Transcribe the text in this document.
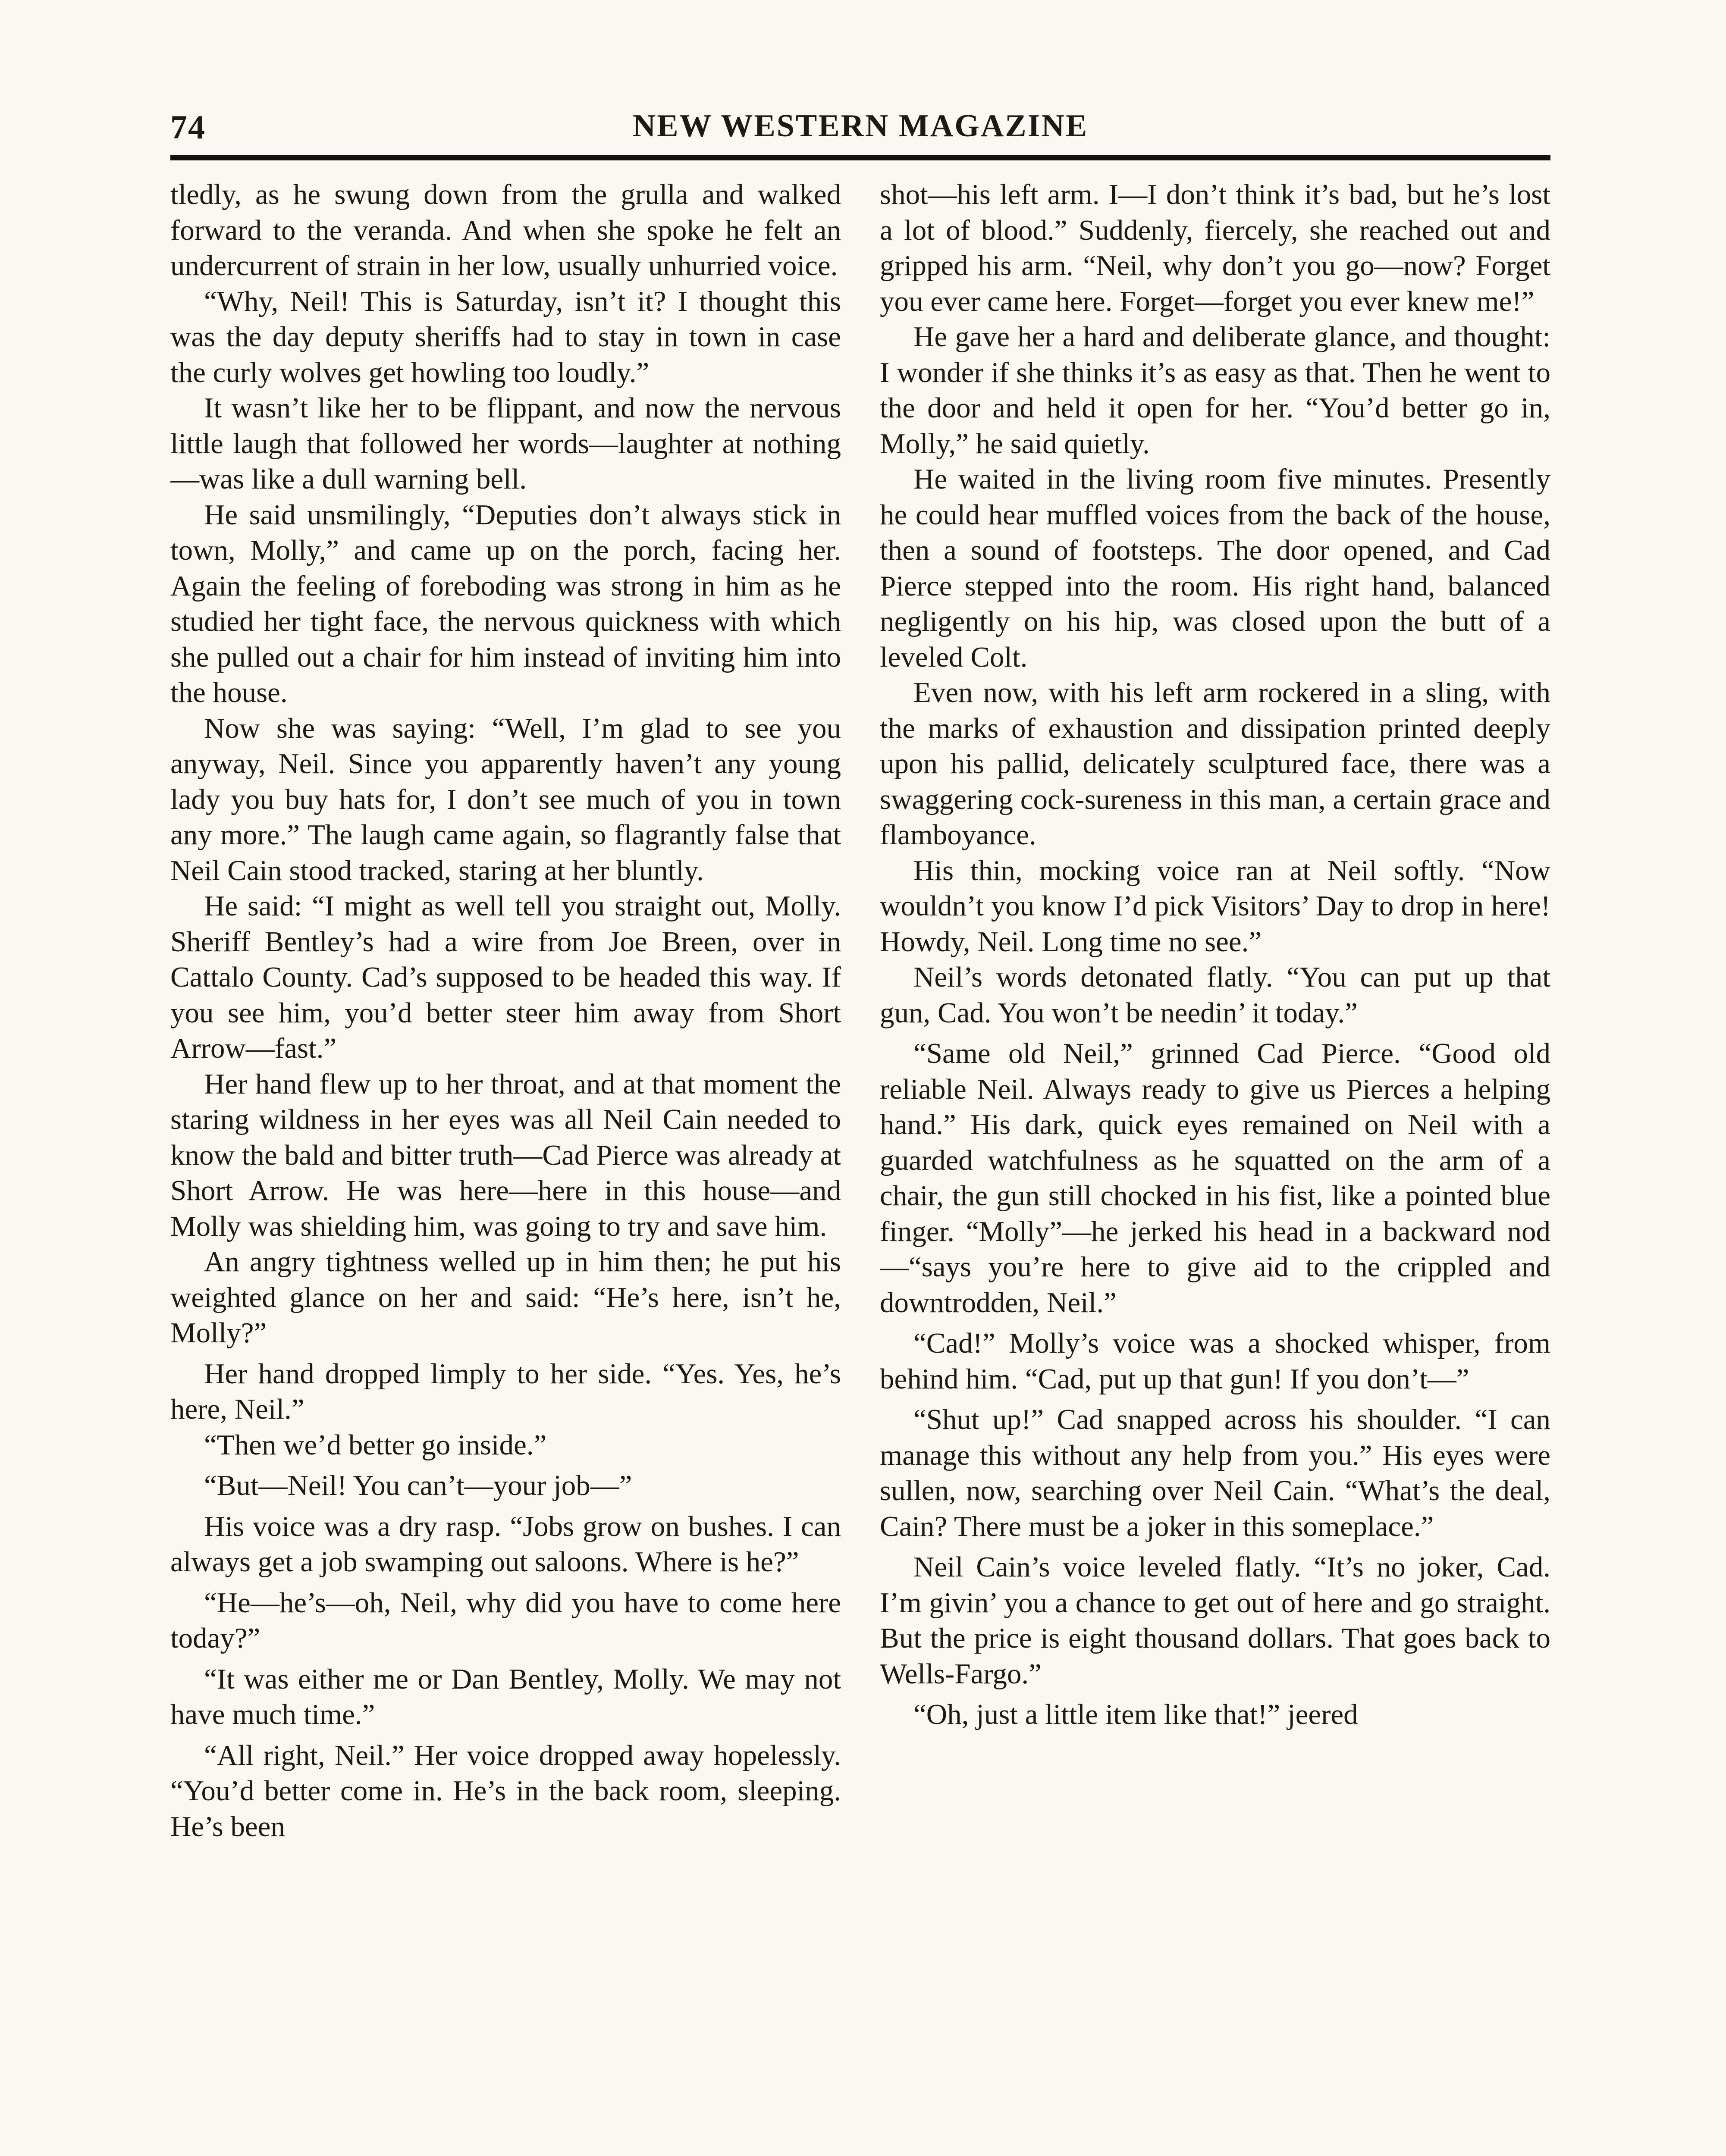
74	NEW WESTERN MAGAZINE

tledly, as he swung down from the grulla and walked forward to the veranda. And when she spoke he felt an undercurrent of strain in her low, usually unhurried voice.

“Why, Neil! This is Saturday, isn’t it? I thought this was the day deputy sheriffs had to stay in town in case the curly wolves get howling too loudly.”

It wasn’t like her to be flippant, and now the nervous little laugh that followed her words—laughter at nothing—was like a dull warning bell.

He said unsmilingly, “Deputies don’t always stick in town, Molly,” and came up on the porch, facing her. Again the feeling of foreboding was strong in him as he studied her tight face, the nervous quickness with which she pulled out a chair for him instead of inviting him into the house.

Now she was saying: “Well, I’m glad to see you anyway, Neil. Since you apparently haven’t any young lady you buy hats for, I don’t see much of you in town any more.” The laugh came again, so flagrantly false that Neil Cain stood tracked, staring at her bluntly.

He said: “I might as well tell you straight out, Molly. Sheriff Bentley’s had a wire from Joe Breen, over in Cattalo County. Cad’s supposed to be headed this way. If you see him, you’d better steer him away from Short Arrow—fast.”

Her hand flew up to her throat, and at that moment the staring wildness in her eyes was all Neil Cain needed to know the bald and bitter truth—Cad Pierce was already at Short Arrow. He was here—here in this house—and Molly was shielding him, was going to try and save him.

An angry tightness welled up in him then; he put his weighted glance on her and said: “He’s here, isn’t he, Molly?”

Her hand dropped limply to her side. “Yes. Yes, he’s here, Neil.”

“Then we’d better go inside.”

“But—Neil! You can’t—your job—”

His voice was a dry rasp. “Jobs grow on bushes. I can always get a job swamping out saloons. Where is he?”

“He—he’s—oh, Neil, why did you have to come here today?”

“It was either me or Dan Bentley, Molly. We may not have much time.”

“All right, Neil.” Her voice dropped away hopelessly. “You’d better come in. He’s in the back room, sleeping. He’s been

shot—his left arm. I—I don’t think it’s bad, but he’s lost a lot of blood.” Suddenly, fiercely, she reached out and gripped his arm. “Neil, why don’t you go—now? Forget you ever came here. Forget—forget you ever knew me!”

He gave her a hard and deliberate glance, and thought: I wonder if she thinks it’s as easy as that. Then he went to the door and held it open for her. “You’d better go in, Molly,” he said quietly.

He waited in the living room five minutes. Presently he could hear muffled voices from the back of the house, then a sound of footsteps. The door opened, and Cad Pierce stepped into the room. His right hand, balanced negligently on his hip, was closed upon the butt of a leveled Colt.

Even now, with his left arm rockered in a sling, with the marks of exhaustion and dissipation printed deeply upon his pallid, delicately sculptured face, there was a swaggering cock-sureness in this man, a certain grace and flamboyance.

His thin, mocking voice ran at Neil softly. “Now wouldn’t you know I’d pick Visitors’ Day to drop in here! Howdy, Neil. Long time no see.”

Neil’s words detonated flatly. “You can put up that gun, Cad. You won’t be needin’ it today.”

“Same old Neil,” grinned Cad Pierce. “Good old reliable Neil. Always ready to give us Pierces a helping hand.” His dark, quick eyes remained on Neil with a guarded watchfulness as he squatted on the arm of a chair, the gun still chocked in his fist, like a pointed blue finger. “Molly”—he jerked his head in a backward nod—“says you’re here to give aid to the crippled and downtrodden, Neil.”

“Cad!” Molly’s voice was a shocked whisper, from behind him. “Cad, put up that gun! If you don’t—”

“Shut up!” Cad snapped across his shoulder. “I can manage this without any help from you.” His eyes were sullen, now, searching over Neil Cain. “What’s the deal, Cain? There must be a joker in this someplace.”

Neil Cain’s voice leveled flatly. “It’s no joker, Cad. I’m givin’ you a chance to get out of here and go straight. But the price is eight thousand dollars. That goes back to Wells-Fargo.”

“Oh, just a little item like that!” jeered
